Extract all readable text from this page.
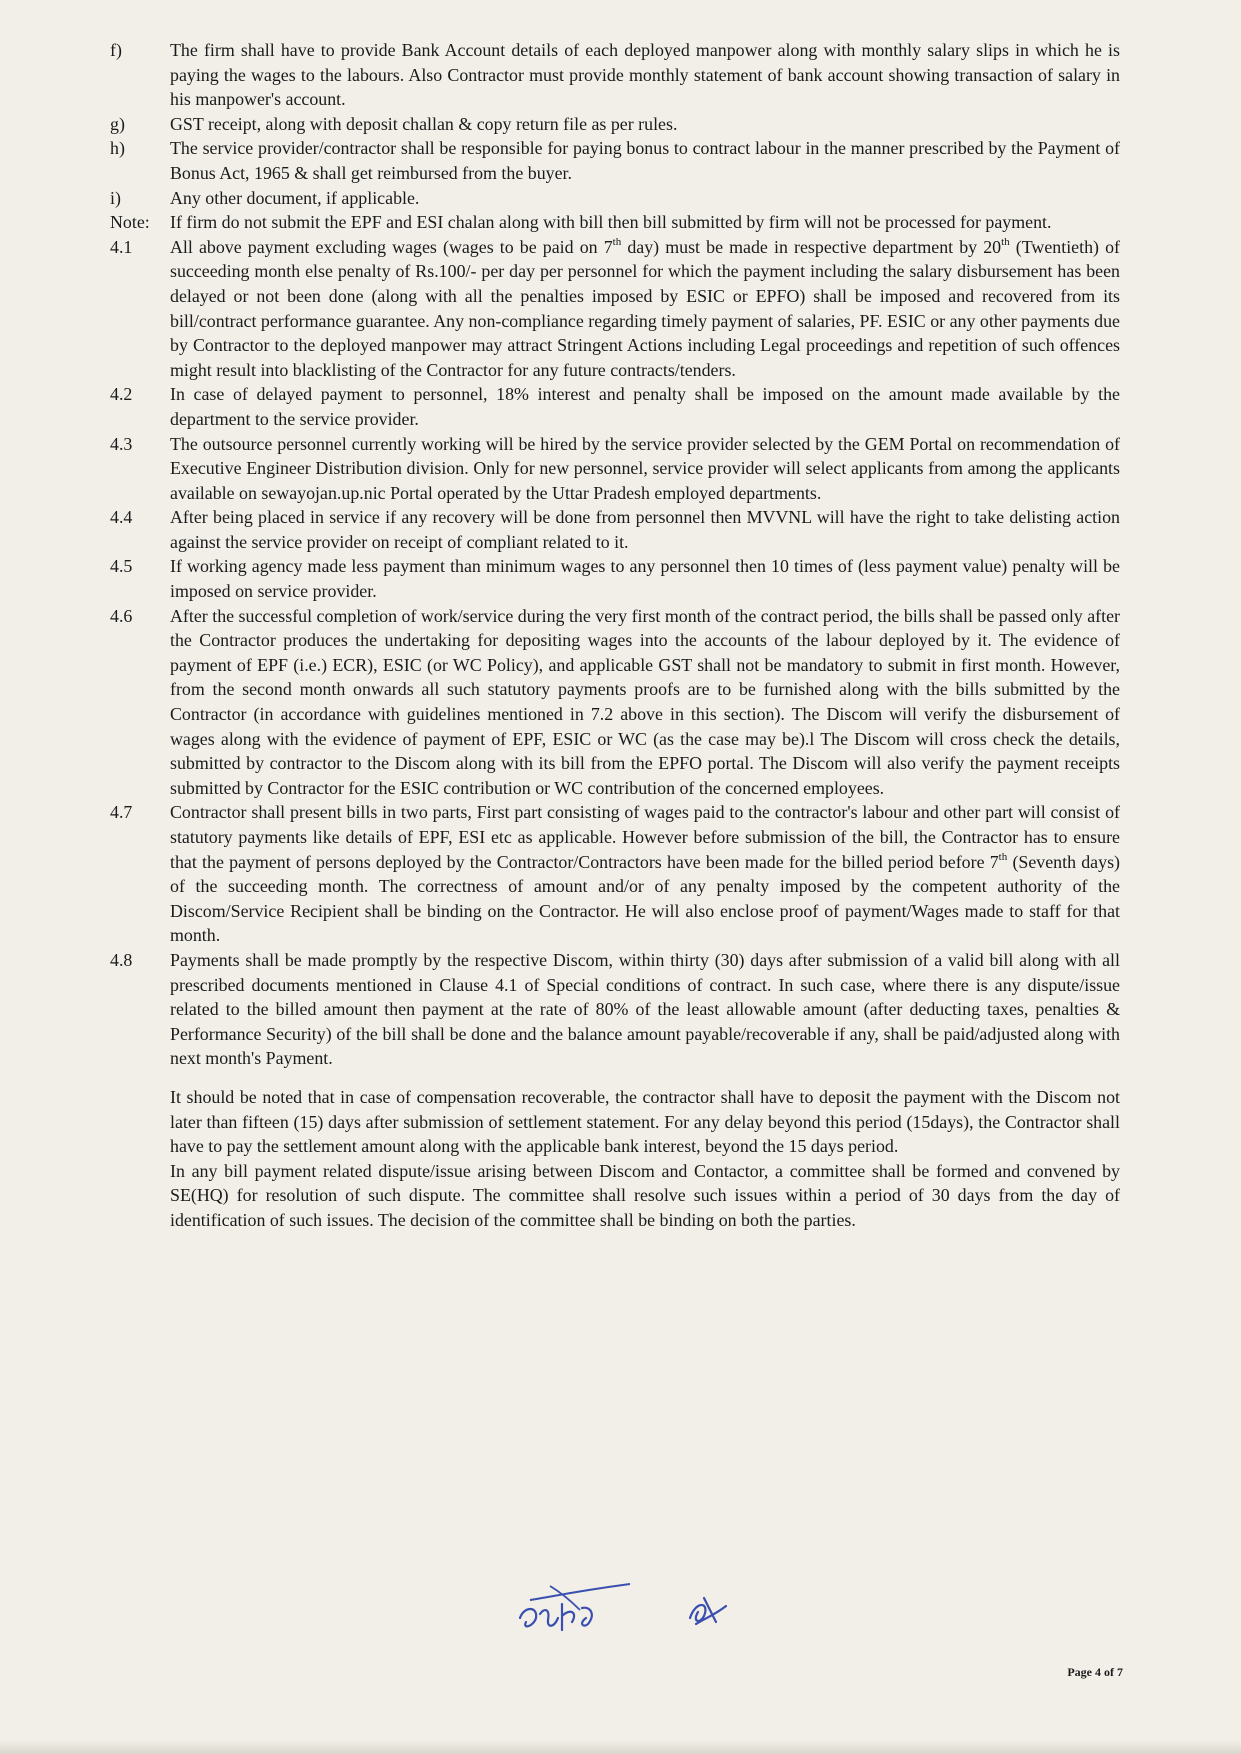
f)	The firm shall have to provide Bank Account details of each deployed manpower along with monthly salary slips in which he is paying the wages to the labours. Also Contractor must provide monthly statement of bank account showing transaction of salary in his manpower's account.
g)	GST receipt, along with deposit challan & copy return file as per rules.
h)	The service provider/contractor shall be responsible for paying bonus to contract labour in the manner prescribed by the Payment of Bonus Act, 1965 & shall get reimbursed from the buyer.
i)	Any other document, if applicable.
Note:	If firm do not submit the EPF and ESI chalan along with bill then bill submitted by firm will not be processed for payment.
4.1	All above payment excluding wages (wages to be paid on 7th day) must be made in respective department by 20th (Twentieth) of succeeding month else penalty of Rs.100/- per day per personnel for which the payment including the salary disbursement has been delayed or not been done (along with all the penalties imposed by ESIC or EPFO) shall be imposed and recovered from its bill/contract performance guarantee. Any non-compliance regarding timely payment of salaries, PF. ESIC or any other payments due by Contractor to the deployed manpower may attract Stringent Actions including Legal proceedings and repetition of such offences might result into blacklisting of the Contractor for any future contracts/tenders.
4.2	In case of delayed payment to personnel, 18% interest and penalty shall be imposed on the amount made available by the department to the service provider.
4.3	The outsource personnel currently working will be hired by the service provider selected by the GEM Portal on recommendation of Executive Engineer Distribution division. Only for new personnel, service provider will select applicants from among the applicants available on sewayojan.up.nic Portal operated by the Uttar Pradesh employed departments.
4.4	After being placed in service if any recovery will be done from personnel then MVVNL will have the right to take delisting action against the service provider on receipt of compliant related to it.
4.5	If working agency made less payment than minimum wages to any personnel then 10 times of (less payment value) penalty will be imposed on service provider.
4.6	After the successful completion of work/service during the very first month of the contract period, the bills shall be passed only after the Contractor produces the undertaking for depositing wages into the accounts of the labour deployed by it. The evidence of payment of EPF (i.e.) ECR), ESIC (or WC Policy), and applicable GST shall not be mandatory to submit in first month. However, from the second month onwards all such statutory payments proofs are to be furnished along with the bills submitted by the Contractor (in accordance with guidelines mentioned in 7.2 above in this section). The Discom will verify the disbursement of wages along with the evidence of payment of EPF, ESIC or WC (as the case may be).l The Discom will cross check the details, submitted by contractor to the Discom along with its bill from the EPFO portal. The Discom will also verify the payment receipts submitted by Contractor for the ESIC contribution or WC contribution of the concerned employees.
4.7	Contractor shall present bills in two parts, First part consisting of wages paid to the contractor's labour and other part will consist of statutory payments like details of EPF, ESI etc as applicable. However before submission of the bill, the Contractor has to ensure that the payment of persons deployed by the Contractor/Contractors have been made for the billed period before 7th (Seventh days) of the succeeding month. The correctness of amount and/or of any penalty imposed by the competent authority of the Discom/Service Recipient shall be binding on the Contractor. He will also enclose proof of payment/Wages made to staff for that month.
4.8	Payments shall be made promptly by the respective Discom, within thirty (30) days after submission of a valid bill along with all prescribed documents mentioned in Clause 4.1 of Special conditions of contract. In such case, where there is any dispute/issue related to the billed amount then payment at the rate of 80% of the least allowable amount (after deducting taxes, penalties & Performance Security) of the bill shall be done and the balance amount payable/recoverable if any, shall be paid/adjusted along with next month's Payment.
It should be noted that in case of compensation recoverable, the contractor shall have to deposit the payment with the Discom not later than fifteen (15) days after submission of settlement statement. For any delay beyond this period (15days), the Contractor shall have to pay the settlement amount along with the applicable bank interest, beyond the 15 days period.
In any bill payment related dispute/issue arising between Discom and Contactor, a committee shall be formed and convened by SE(HQ) for resolution of such dispute. The committee shall resolve such issues within a period of 30 days from the day of identification of such issues. The decision of the committee shall be binding on both the parties.
Page 4 of 7
